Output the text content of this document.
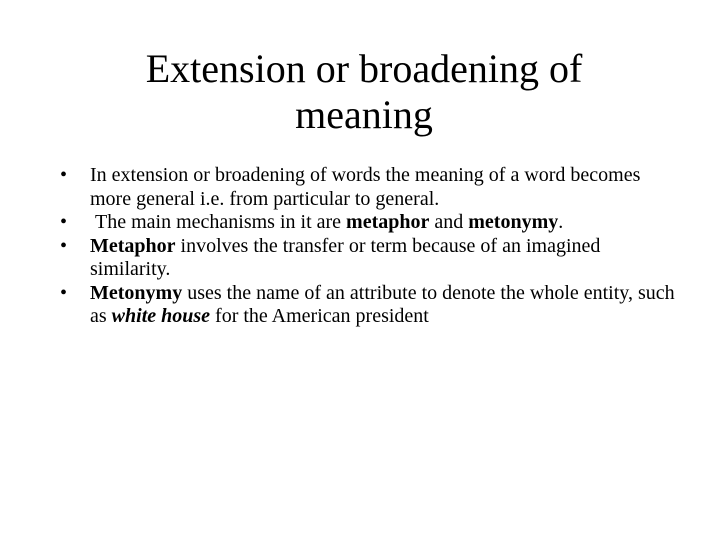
Extension or broadening of
meaning
• In extension or broadening of words the meaning of a word becomes more general i.e. from particular to general.
• The main mechanisms in it are metaphor and metonymy.
• Metaphor involves the transfer or term because of an imagined similarity.
• Metonymy uses the name of an attribute to denote the whole entity, such as white house for the American president
